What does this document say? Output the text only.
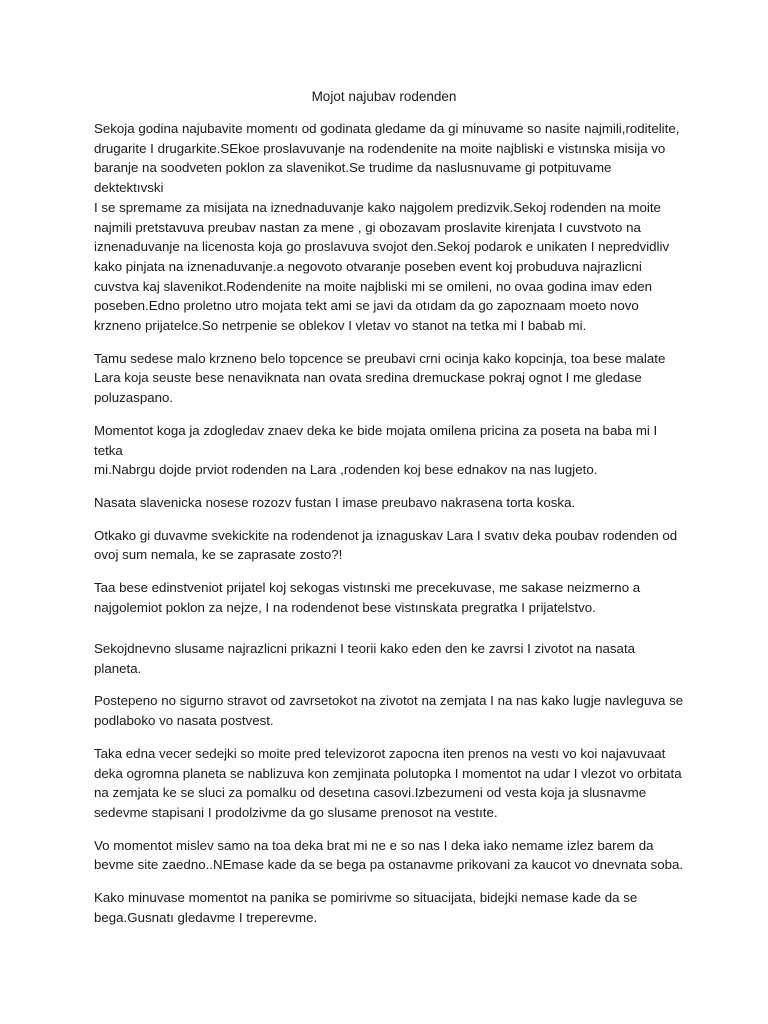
Mojot najubav rodenden

Sekoja godina najubavite momentı od godinata gledame da gi minuvame so nasite najmili,roditelite,
drugarite I drugarkite.SEkoe proslavuvanje na rodendenite na moite najbliski e vistınska misija vo
baranje na soodveten poklon za slavenikot.Se trudime da naslusnuvame gi potpituvame dektektıvski
I se spremame za misijata na iznednaduvanje kako najgolem predizvik.Sekoj rodenden na moite
najmili pretstavuva preubav nastan za mene , gi obozavam proslavite kirenjata I cuvstvoto na
iznenaduvanje na licenosta koja go proslavuva svojot den.Sekoj podarok e unikaten I nepredvidliv
kako pinjata na iznenaduvanje.a negovoto otvaranje poseben event koj probuduva najrazlicni
cuvstva kaj slavenikot.Rodendenite na moite najbliski mi se omileni, no ovaa godina imav eden
poseben.Edno proletno utro mojata tekt ami se javi da otıdam da go zapoznaam moeto novo
krzneno prijatelce.So netrpenie se oblekov I vletav vo stanot na tetka mi I babab mi.

Tamu sedese malo krzneno belo topcence se preubavi crni ocinja kako kopcinja, toa bese malate
Lara koja seuste bese nenaviknata nan ovata sredina dremuckase pokraj ognot I me gledase poluzaspano.

Momentot koga ja zdogledav znaev deka ke bide mojata omilena pricina za poseta na baba mi I tetka
mi.Nabrgu dojde prviot rodenden na Lara ,rodenden koj bese ednakov na nas lugjeto.

Nasata slavenicka nosese rozozv fustan I imase preubavo nakrasena torta koska.

Otkako gi duvavme svekickite na rodendenot ja iznaguskav Lara I svatıv deka poubav rodenden od
ovoj sum nemala, ke se zaprasate zosto?!

Taa bese edinstveniot prijatel koj sekogas vistınski me precekuvase, me sakase neizmerno a
najgolemiot poklon za nejze, I na rodendenot bese vistınskata pregratka I prijatelstvo.

Sekojdnevno slusame najrazlicni prikazni I teorii kako eden den ke zavrsi I zivotot na nasata planeta.

Postepeno no sigurno stravot od zavrsetokot na zivotot na zemjata I na nas kako lugje navleguva se
podlaboko vo nasata postvest.

Taka edna vecer sedejki so moite pred televizorot zapocna iten prenos na vestı vo koi najavuvaat
deka ogromna planeta se nablizuva kon zemjinata polutopka I momentot na udar I vlezot vo orbitata
na zemjata ke se sluci za pomalku od desetına casovi.Izbezumeni od vesta koja ja slusnavme
sedevme stapisani I prodolzivme da go slusame prenosot na vestıte.

Vo momentot mislev samo na toa deka brat mi ne e so nas I deka iako nemame izlez barem da
bevme site zaedno..NEmase kade da se bega pa ostanavme prikovani za kaucot vo dnevnata soba.

Kako minuvase momentot na panika se pomirivme so situacijata, bidejki nemase kade da se
bega.Gusnatı gledavme I treperevme.
